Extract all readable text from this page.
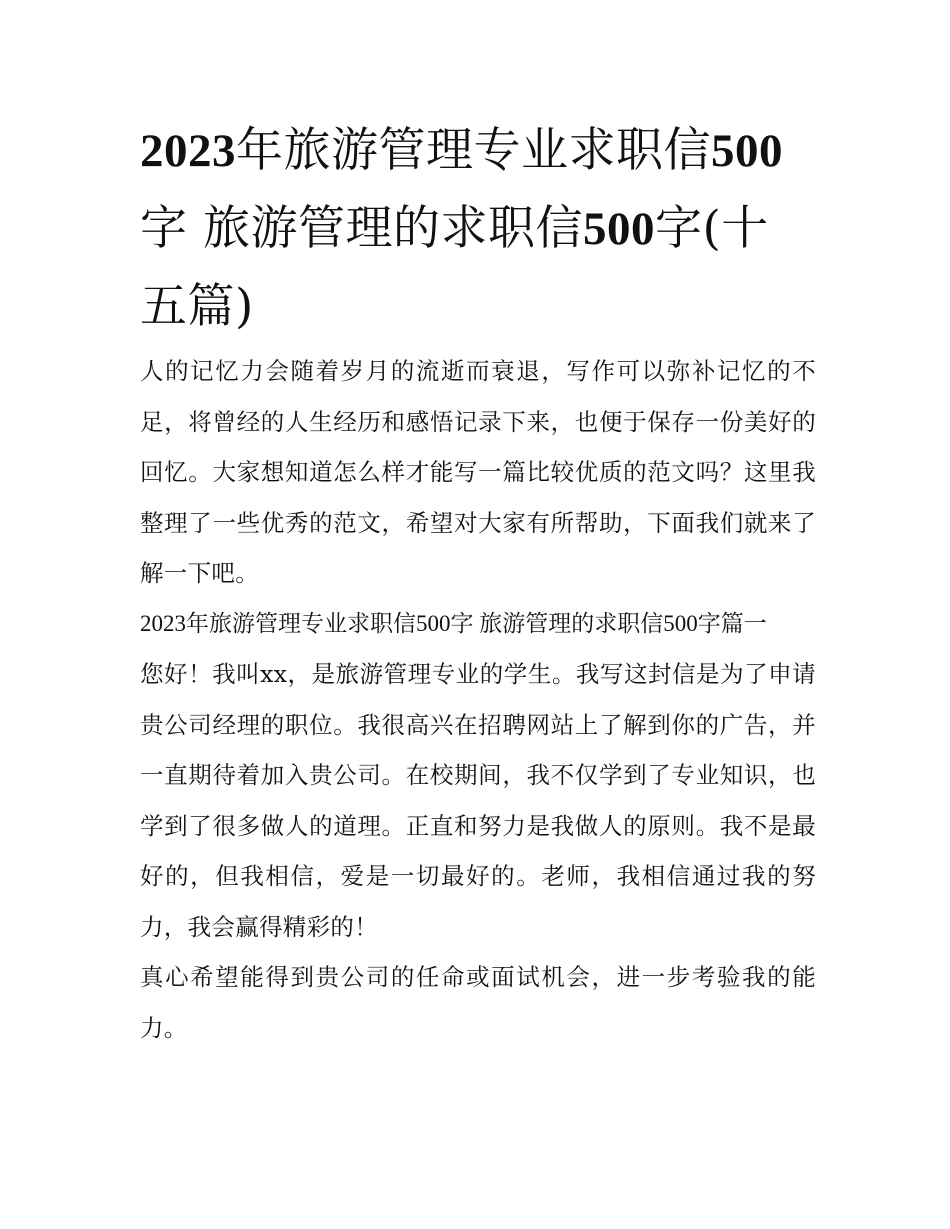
2023年旅游管理专业求职信500字 旅游管理的求职信500字(十五篇)

人的记忆力会随着岁月的流逝而衰退，写作可以弥补记忆的不足，将曾经的人生经历和感悟记录下来，也便于保存一份美好的回忆。大家想知道怎么样才能写一篇比较优质的范文吗？这里我整理了一些优秀的范文，希望对大家有所帮助，下面我们就来了解一下吧。

2023年旅游管理专业求职信500字 旅游管理的求职信500字篇一

您好！我叫xx，是旅游管理专业的学生。我写这封信是为了申请贵公司经理的职位。我很高兴在招聘网站上了解到你的广告，并一直期待着加入贵公司。在校期间，我不仅学到了专业知识，也学到了很多做人的道理。正直和努力是我做人的原则。我不是最好的，但我相信，爱是一切最好的。老师，我相信通过我的努力，我会赢得精彩的！

真心希望能得到贵公司的任命或面试机会，进一步考验我的能力。
